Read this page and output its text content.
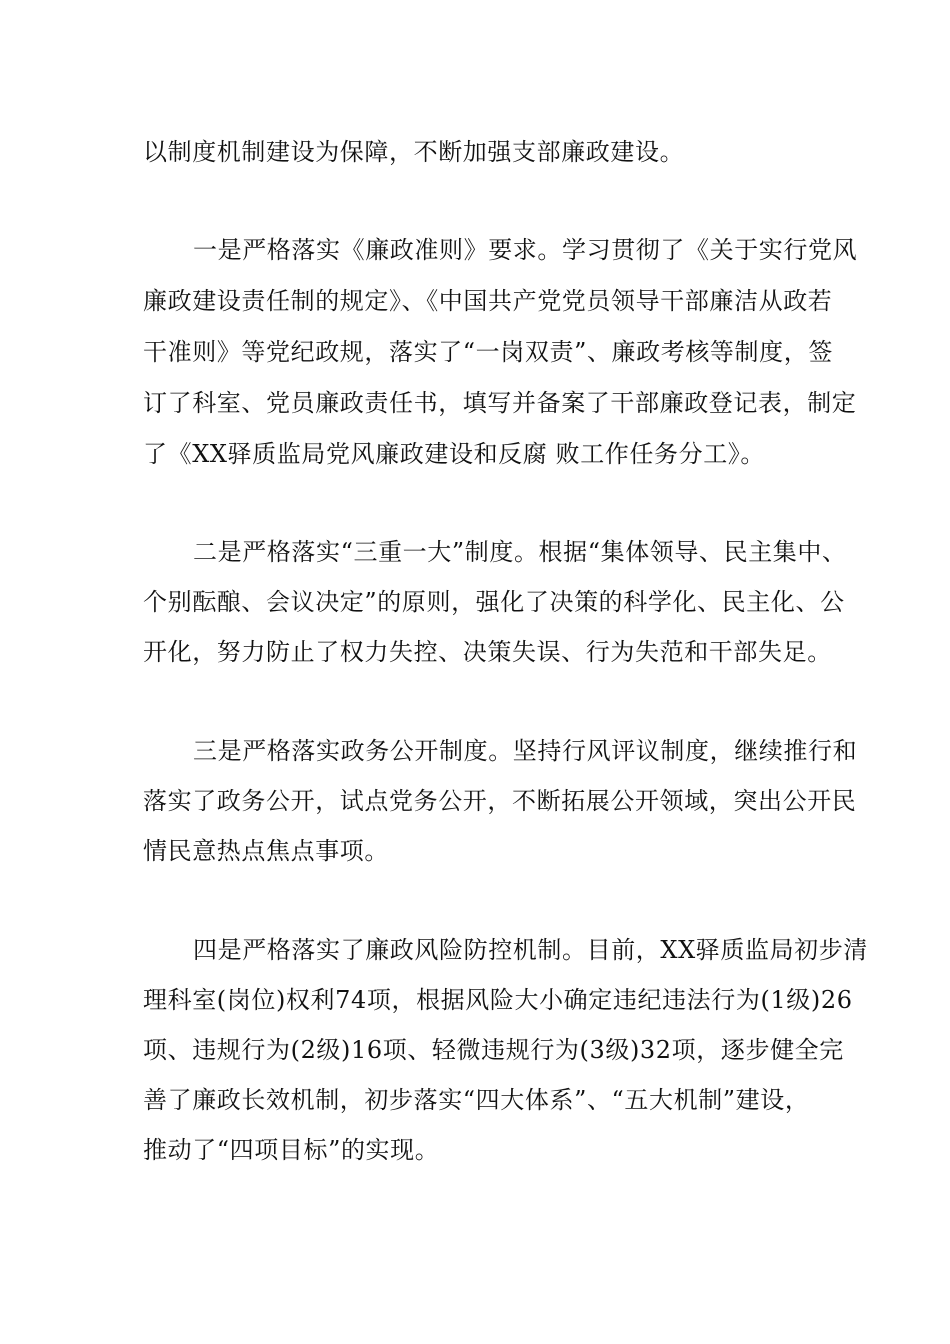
以制度机制建设为保障，不断加强支部廉政建设。
一是严格落实《廉政准则》要求。学习贯彻了《关于实行党风
廉政建设责任制的规定》、《中国共产党党员领导干部廉洁从政若
干准则》等党纪政规，落实了“一岗双责”、廉政考核等制度，签
订了科室、党员廉政责任书，填写并备案了干部廉政登记表，制定
了《XX驿质监局党风廉政建设和反腐 败工作任务分工》。
二是严格落实“三重一大”制度。根据“集体领导、民主集中、
个别酝酿、会议决定”的原则，强化了决策的科学化、民主化、公
开化，努力防止了权力失控、决策失误、行为失范和干部失足。
三是严格落实政务公开制度。坚持行风评议制度，继续推行和
落实了政务公开，试点党务公开，不断拓展公开领域，突出公开民
情民意热点焦点事项。
四是严格落实了廉政风险防控机制。目前，XX驿质监局初步清
理科室(岗位)权利74项，根据风险大小确定违纪违法行为(1级)26
项、违规行为(2级)16项、轻微违规行为(3级)32项，逐步健全完
善了廉政长效机制，初步落实“四大体系”、“五大机制”建设，
推动了“四项目标”的实现。
